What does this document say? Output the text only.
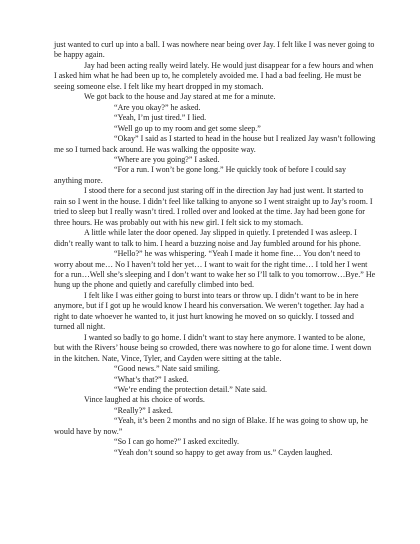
just wanted to curl up into a ball. I was nowhere near being over Jay. I felt like I was never going to be happy again.

Jay had been acting really weird lately. He would just disappear for a few hours and when I asked him what he had been up to, he completely avoided me. I had a bad feeling. He must be seeing someone else. I felt like my heart dropped in my stomach.

We got back to the house and Jay stared at me for a minute.

“Are you okay?” he asked.

“Yeah, I’m just tired.” I lied.

“Well go up to my room and get some sleep.”

“Okay” I said as I started to head in the house but I realized Jay wasn’t following me so I turned back around. He was walking the opposite way.

“Where are you going?” I asked.

“For a run. I won’t be gone long.” He quickly took of before I could say anything more.

I stood there for a second just staring off in the direction Jay had just went. It started to rain so I went in the house. I didn’t feel like talking to anyone so I went straight up to Jay’s room. I tried to sleep but I really wasn’t tired. I rolled over and looked at the time. Jay had been gone for three hours. He was probably out with his new girl. I felt sick to my stomach.

A little while later the door opened. Jay slipped in quietly. I pretended I was asleep. I didn’t really want to talk to him. I heard a buzzing noise and Jay fumbled around for his phone.

“Hello?” he was whispering. “Yeah I made it home fine… You don’t need to worry about me… No I haven’t told her yet… I want to wait for the right time… I told her I went for a run…Well she’s sleeping and I don’t want to wake her so I’ll talk to you tomorrow…Bye.” He hung up the phone and quietly and carefully climbed into bed.

I felt like I was either going to burst into tears or throw up. I didn’t want to be in here anymore, but if I got up he would know I heard his conversation. We weren’t together. Jay had a right to date whoever he wanted to, it just hurt knowing he moved on so quickly. I tossed and turned all night.

I wanted so badly to go home. I didn’t want to stay here anymore. I wanted to be alone, but with the Rivers’ house being so crowded, there was nowhere to go for alone time. I went down in the kitchen. Nate, Vince, Tyler, and Cayden were sitting at the table.

“Good news.” Nate said smiling.

“What’s that?” I asked.

“We’re ending the protection detail.” Nate said.

Vince laughed at his choice of words.

“Really?” I asked.

“Yeah, it’s been 2 months and no sign of Blake. If he was going to show up, he would have by now.”

“So I can go home?” I asked excitedly.

“Yeah don’t sound so happy to get away from us.” Cayden laughed.
